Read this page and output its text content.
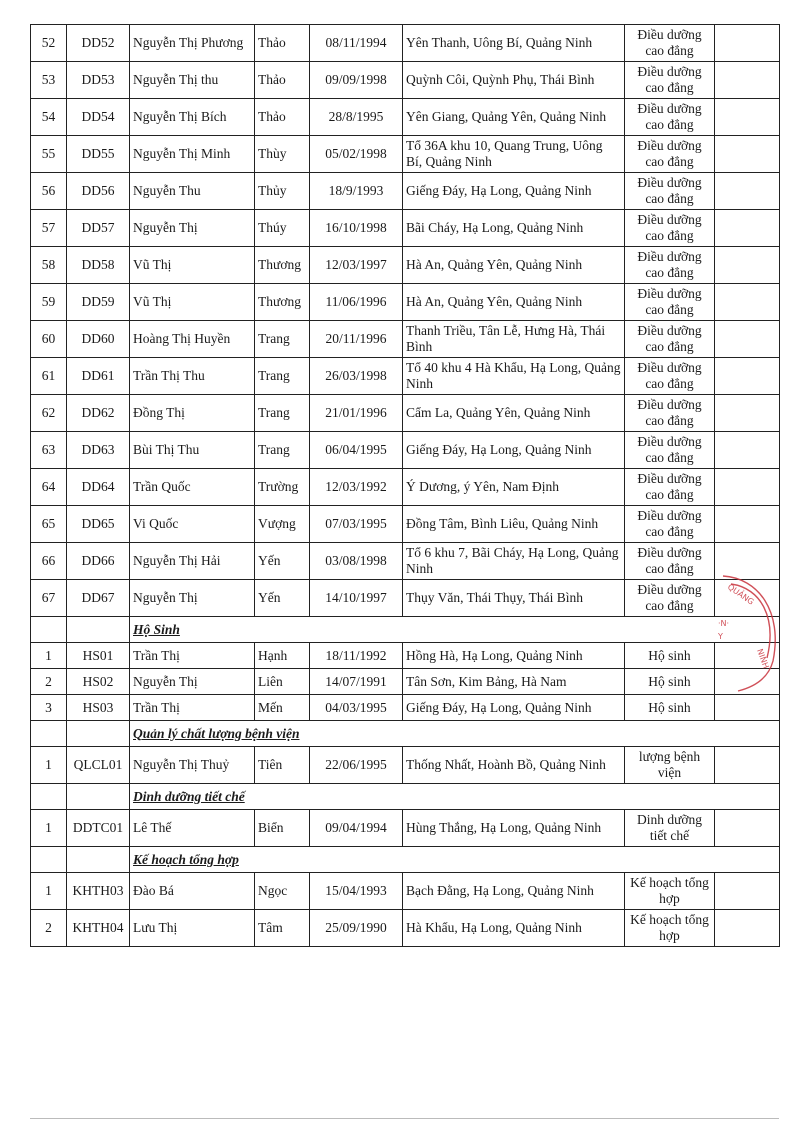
52	DD52	Nguyễn Thị Phương	Thảo	08/11/1994	Yên Thanh, Uông Bí, Quảng Ninh	Điều dưỡng cao đẳng	
53	DD53	Nguyễn Thị thu	Thảo	09/09/1998	Quỳnh Côi, Quỳnh Phụ, Thái Bình	Điều dưỡng cao đẳng	
54	DD54	Nguyễn Thị Bích	Thảo	28/8/1995	Yên Giang, Quảng Yên, Quảng Ninh	Điều dưỡng cao đẳng	
55	DD55	Nguyễn Thị Minh	Thùy	05/02/1998	Tổ 36A khu 10, Quang Trung, Uông Bí, Quảng Ninh	Điều dưỡng cao đẳng	
56	DD56	Nguyễn Thu	Thủy	18/9/1993	Giếng Đáy, Hạ Long, Quảng Ninh	Điều dưỡng cao đẳng	
57	DD57	Nguyễn Thị	Thúy	16/10/1998	Bãi Cháy, Hạ Long, Quảng Ninh	Điều dưỡng cao đẳng	
58	DD58	Vũ Thị	Thương	12/03/1997	Hà An, Quảng Yên, Quảng Ninh	Điều dưỡng cao đẳng	
59	DD59	Vũ Thị	Thương	11/06/1996	Hà An, Quảng Yên, Quảng Ninh	Điều dưỡng cao đẳng	
60	DD60	Hoàng Thị Huyền	Trang	20/11/1996	Thanh Triều, Tân Lễ, Hưng Hà, Thái Bình	Điều dưỡng cao đẳng	
61	DD61	Trần Thị Thu	Trang	26/03/1998	Tổ 40 khu 4 Hà Khẩu, Hạ Long, Quảng Ninh	Điều dưỡng cao đẳng	
62	DD62	Đồng Thị	Trang	21/01/1996	Cẩm La, Quảng Yên, Quảng Ninh	Điều dưỡng cao đẳng	
63	DD63	Bùi Thị Thu	Trang	06/04/1995	Giếng Đáy, Hạ Long, Quảng Ninh	Điều dưỡng cao đẳng	
64	DD64	Trần Quốc	Trường	12/03/1992	Ý Dương, ý Yên, Nam Định	Điều dưỡng cao đẳng	
65	DD65	Vi Quốc	Vượng	07/03/1995	Đồng Tâm, Bình Liêu, Quảng Ninh	Điều dưỡng cao đẳng	
66	DD66	Nguyễn Thị Hải	Yến	03/08/1998	Tổ 6 khu 7, Bãi Cháy, Hạ Long, Quảng Ninh	Điều dưỡng cao đẳng	
67	DD67	Nguyễn Thị	Yến	14/10/1997	Thụy Văn, Thái Thụy, Thái Bình	Điều dưỡng cao đẳng	
		Hộ Sinh					
1	HS01	Trần Thị	Hạnh	18/11/1992	Hồng Hà, Hạ Long, Quảng Ninh	Hộ sinh	
2	HS02	Nguyễn Thị	Liên	14/07/1991	Tân Sơn, Kim Bảng, Hà Nam	Hộ sinh	
3	HS03	Trần Thị	Mến	04/03/1995	Giếng Đáy, Hạ Long, Quảng Ninh	Hộ sinh	
		Quản lý chất lượng bệnh viện					
1	QLCL01	Nguyễn Thị Thuỷ	Tiên	22/06/1995	Thống Nhất, Hoành Bồ, Quảng Ninh	lượng bệnh viện	
		Dinh dưỡng tiết chế					
1	DDTC01	Lê Thế	Biển	09/04/1994	Hùng Thắng, Hạ Long, Quảng Ninh	Dinh dưỡng tiết chế	
		Kế hoạch tổng hợp					
1	KHTH03	Đào Bá	Ngọc	15/04/1993	Bạch Đằng, Hạ Long, Quảng Ninh	Kế hoạch tổng hợp	
2	KHTH04	Lưu Thị	Tâm	25/09/1990	Hà Khẩu, Hạ Long, Quảng Ninh	Kế hoạch tổng hợp	
QUẢNG
NINH
·N·
Y
